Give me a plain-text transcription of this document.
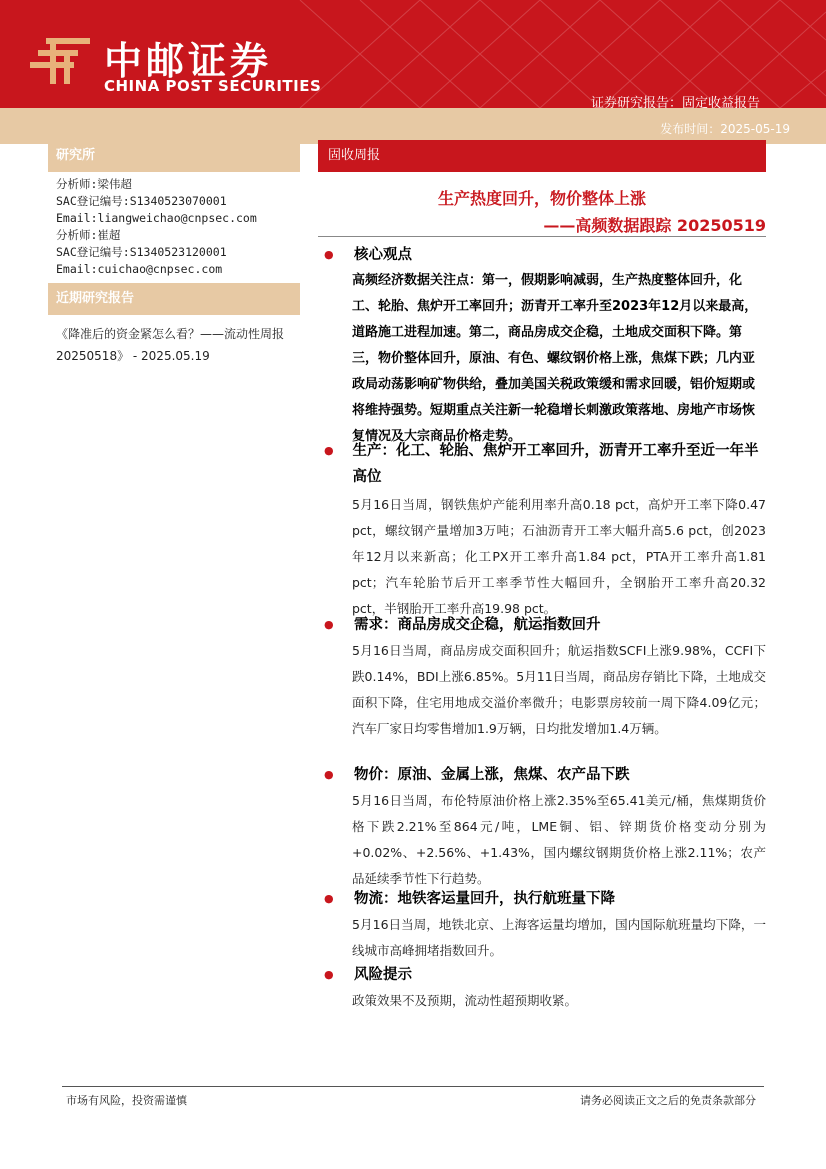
中邮证券
CHINA POST SECURITIES
证券研究报告：固定收益报告
发布时间：2025-05-19
研究所
分析师:梁伟超
SAC登记编号:S1340523070001
Email:liangweichao@cnpsec.com
分析师:崔超
SAC登记编号:S1340523120001
Email:cuichao@cnpsec.com
近期研究报告
《降准后的资金紧怎么看？——流动性周报 20250518》 - 2025.05.19
固收周报
生产热度回升，物价整体上涨
——高频数据跟踪 20250519
●	核心观点
高频经济数据关注点：第一，假期影响减弱，生产热度整体回升，化工、轮胎、焦炉开工率回升；沥青开工率升至2023年12月以来最高，道路施工进程加速。第二，商品房成交企稳，土地成交面积下降。第三，物价整体回升，原油、有色、螺纹钢价格上涨，焦煤下跌；几内亚政局动荡影响矿物供给，叠加美国关税政策缓和需求回暖，铝价短期或将维持强势。短期重点关注新一轮稳增长刺激政策落地、房地产市场恢复情况及大宗商品价格走势。
●	生产：化工、轮胎、焦炉开工率回升，沥青开工率升至近一年半高位
5月16日当周，钢铁焦炉产能利用率升高0.18 pct，高炉开工率下降0.47 pct，螺纹钢产量增加3万吨；石油沥青开工率大幅升高5.6 pct，创2023年12月以来新高；化工PX开工率升高1.84 pct，PTA开工率升高1.81 pct；汽车轮胎节后开工率季节性大幅回升，全钢胎开工率升高20.32 pct，半钢胎开工率升高19.98 pct。
●	需求：商品房成交企稳，航运指数回升
5月16日当周，商品房成交面积回升；航运指数SCFI上涨9.98%，CCFI下跌0.14%，BDI上涨6.85%。5月11日当周，商品房存销比下降，土地成交面积下降，住宅用地成交溢价率微升；电影票房较前一周下降4.09亿元；汽车厂家日均零售增加1.9万辆，日均批发增加1.4万辆。
●	物价：原油、金属上涨，焦煤、农产品下跌
5月16日当周，布伦特原油价格上涨2.35%至65.41美元/桶，焦煤期货价格下跌2.21%至864元/吨，LME铜、铝、锌期货价格变动分别为+0.02%、+2.56%、+1.43%，国内螺纹钢期货价格上涨2.11%；农产品延续季节性下行趋势。
●	物流：地铁客运量回升，执行航班量下降
5月16日当周，地铁北京、上海客运量均增加，国内国际航班量均下降，一线城市高峰拥堵指数回升。
●	风险提示
政策效果不及预期，流动性超预期收紧。
市场有风险，投资需谨慎	请务必阅读正文之后的免责条款部分
